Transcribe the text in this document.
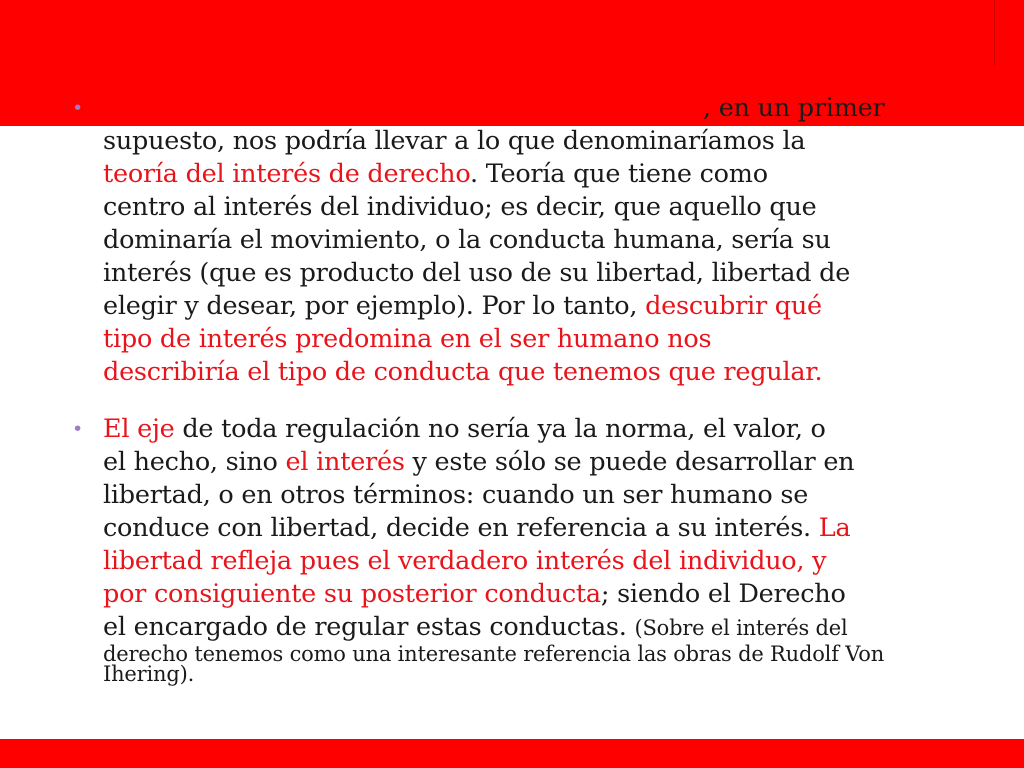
•	, en un primer
supuesto, nos podría llevar a lo que denominaríamos la
teoría del interés de derecho. Teoría que tiene como
centro al interés del individuo; es decir, que aquello que
dominaría el movimiento, o la conducta humana, sería su
interés (que es producto del uso de su libertad, libertad de
elegir y desear, por ejemplo). Por lo tanto, descubrir qué
tipo de interés predomina en el ser humano nos
describiría el tipo de conducta que tenemos que regular.
• El eje de toda regulación no sería ya la norma, el valor, o
el hecho, sino el interés y este sólo se puede desarrollar en
libertad, o en otros términos: cuando un ser humano se
conduce con libertad, decide en referencia a su interés. La
libertad refleja pues el verdadero interés del individuo, y
por consiguiente su posterior conducta; siendo el Derecho
el encargado de regular estas conductas. (Sobre el interés del
derecho tenemos como una interesante referencia las obras de Rudolf Von
Ihering).
